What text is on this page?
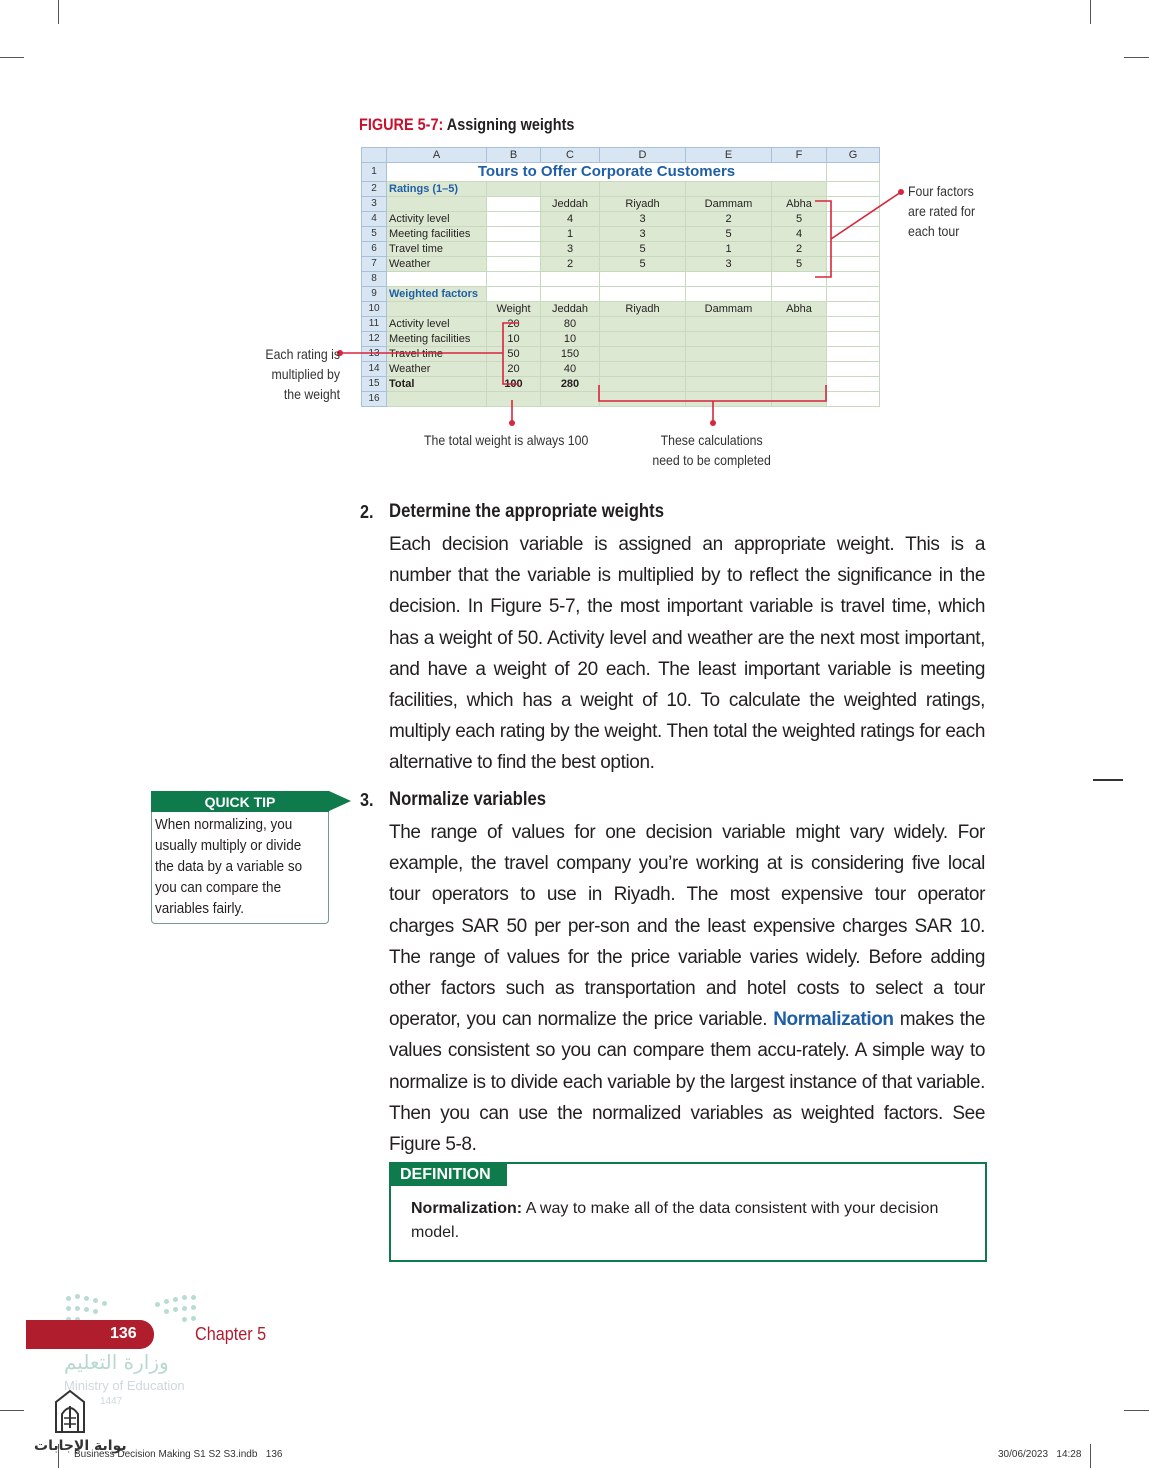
FIGURE 5-7: Assigning weights
	A	B	C	D	E	F	G
1	Tours to Offer Corporate Customers						

2	Ratings (1–5)						
3			Jeddah	Riyadh	Dammam	Abha	
4	Activity level		4	3	2	5	
5	Meeting facilities		1	3	5	4	
6	Travel time		3	5	1	2	
7	Weather		2	5	3	5	
8							
9	Weighted factors						
10		Weight	Jeddah	Riyadh	Dammam	Abha	
11	Activity level	20	80				
12	Meeting facilities	10	10				
13	Travel time	50	150				
14	Weather	20	40				
15	Total	100	280				
16							
Four factors
are rated for
each tour
Each rating is
multiplied by
the weight
The total weight is always 100	These calculations
need to be completed
2. Determine the appropriate weights
Each decision variable is assigned an appropriate weight. This is a number that the variable is multiplied by to reflect the significance in the decision. In Figure 5-7, the most important variable is travel time, which has a weight of 50. Activity level and weather are the next most important, and have a weight of 20 each. The least important variable is meeting facilities, which has a weight of 10. To calculate the weighted ratings, multiply each rating by the weight. Then total the weighted ratings for each alternative to find the best option.
3. Normalize variables
The range of values for one decision variable might vary widely. For example, the travel company you’re working at is considering five local tour operators to use in Riyadh. The most expensive tour operator charges SAR 50 per per-son and the least expensive charges SAR 10. The range of values for the price variable varies widely. Before adding other factors such as transportation and hotel costs to select a tour operator, you can normalize the price variable. Normalization makes the values consistent so you can compare them accu-rately. A simple way to normalize is to divide each variable by the largest instance of that variable. Then you can use the normalized variables as weighted factors. See Figure 5-8.
QUICK TIP
When normalizing, you usually multiply or divide the data by a variable so you can compare the variables fairly.
DEFINITION
Normalization: A way to make all of the data consistent with your decision model.
136	Chapter 5
وزارة التعليم
Ministry of Education
1447
بوابة الإجابات
Business Decision Making S1 S2 S3.indb   136	30/06/2023   14:28
